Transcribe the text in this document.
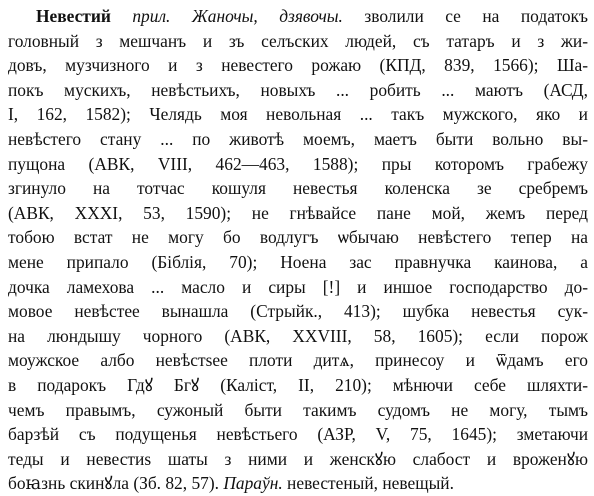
Невестий прил. Жаночы, дзявочы. зволили се на податокъ
головный з мешчанъ и зъ селъских людей, съ татаръ и з жи-
довъ, музчизного и з невестего рожаю (КПД, 839, 1566); Ша-
покъ мускихъ, невѣстьихъ, новыхъ ... робить ... маютъ (АСД,
I, 162, 1582); Челядь моя невольная ... такъ мужского, яко и
невѣстего стану ... по животѣ моемъ, маетъ быти вольно вы-
пущона (АВК, VIII, 462—463, 1588); пры которомъ грабежу
згинуло на тотчас кошуля невестья коленска зе сребремъ
(АВК, XXXI, 53, 1590); не гнѣвайсе пане мой, жемъ перед
тобою встат не могу бо водлугъ ѡбычаю невѣстего тепер на
мене припало (Біблія, 70); Ноена зас правнучка каинова, а
дочка ламехова ... масло и сиры [!] и иншое господарство до-
мовое невѣстее вынашла (Стрыйк., 413); шубка невестья сук-
на люндышу чорного (АВК, XXVIII, 58, 1605); если порож
моужское албо невѣстѕее плоти дитѧ, принесоу и ѿдамъ его
в подарокъ Гдꙋ Бгꙋ (Каліст, II, 210); мѣнючи себе шляхти-
чемъ правымъ, сужоный быти такимъ судомъ не могу, тымъ
барзѣй съ подущенья невѣстьего (АЗР, V, 75, 1645); зметаючи
теды и невестиѕ шаты з ними и женскꙋю слабост и вроженꙋю
боꙗзнь скинꙋла (Зб. 82, 57). Параўн. невестеный, невещый.
